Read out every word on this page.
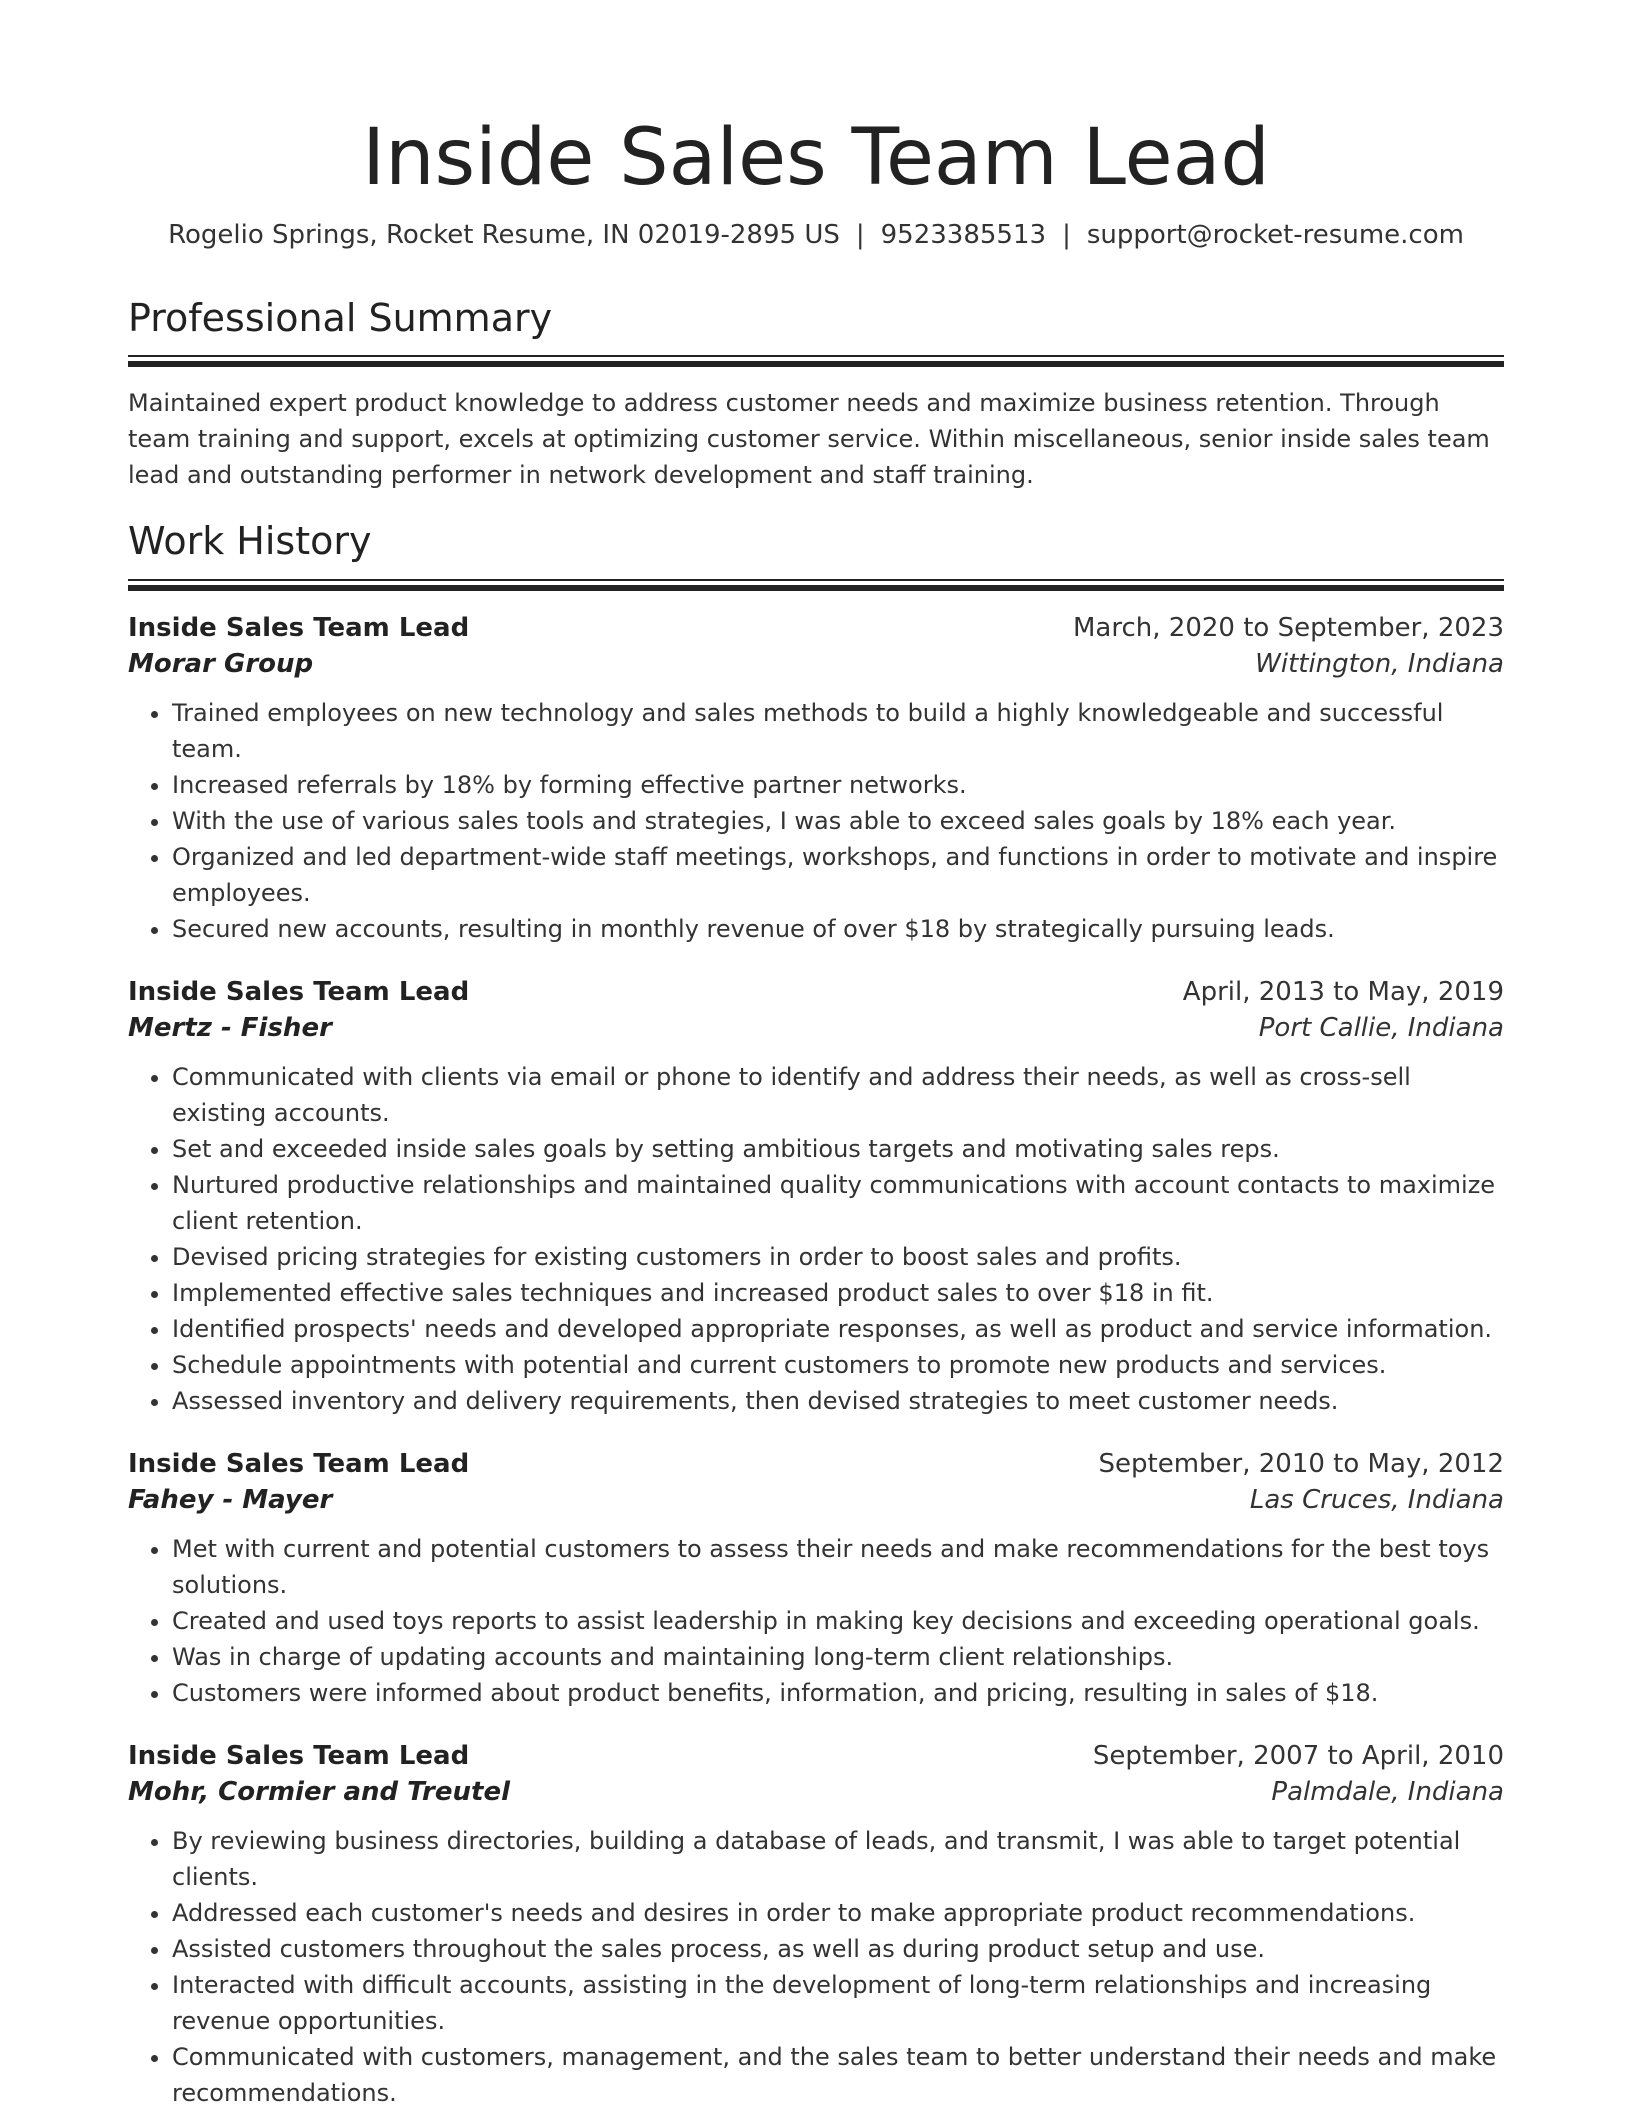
Inside Sales Team Lead
Rogelio Springs, Rocket Resume, IN 02019-2895 US | 9523385513 | support@rocket-resume.com
Professional Summary

Maintained expert product knowledge to address customer needs and maximize business retention. Through team training and support, excels at optimizing customer service. Within miscellaneous, senior inside sales team lead and outstanding performer in network development and staff training.

Work History
Inside Sales Team Lead	March, 2020 to September, 2023
Morar Group	Wittington, Indiana
• Trained employees on new technology and sales methods to build a highly knowledgeable and successful team.
• Increased referrals by 18% by forming effective partner networks.
• With the use of various sales tools and strategies, I was able to exceed sales goals by 18% each year.
• Organized and led department-wide staff meetings, workshops, and functions in order to motivate and inspire employees.
• Secured new accounts, resulting in monthly revenue of over $18 by strategically pursuing leads.
Inside Sales Team Lead	April, 2013 to May, 2019
Mertz - Fisher	Port Callie, Indiana
• Communicated with clients via email or phone to identify and address their needs, as well as cross-sell existing accounts.
• Set and exceeded inside sales goals by setting ambitious targets and motivating sales reps.
• Nurtured productive relationships and maintained quality communications with account contacts to maximize client retention.
• Devised pricing strategies for existing customers in order to boost sales and profits.
• Implemented effective sales techniques and increased product sales to over $18 in fit.
• Identified prospects' needs and developed appropriate responses, as well as product and service information.
• Schedule appointments with potential and current customers to promote new products and services.
• Assessed inventory and delivery requirements, then devised strategies to meet customer needs.
Inside Sales Team Lead	September, 2010 to May, 2012
Fahey - Mayer	Las Cruces, Indiana
• Met with current and potential customers to assess their needs and make recommendations for the best toys solutions.
• Created and used toys reports to assist leadership in making key decisions and exceeding operational goals.
• Was in charge of updating accounts and maintaining long-term client relationships.
• Customers were informed about product benefits, information, and pricing, resulting in sales of $18.
Inside Sales Team Lead	September, 2007 to April, 2010
Mohr, Cormier and Treutel	Palmdale, Indiana
• By reviewing business directories, building a database of leads, and transmit, I was able to target potential clients.
• Addressed each customer's needs and desires in order to make appropriate product recommendations.
• Assisted customers throughout the sales process, as well as during product setup and use.
• Interacted with difficult accounts, assisting in the development of long-term relationships and increasing revenue opportunities.
• Communicated with customers, management, and the sales team to better understand their needs and make recommendations.
